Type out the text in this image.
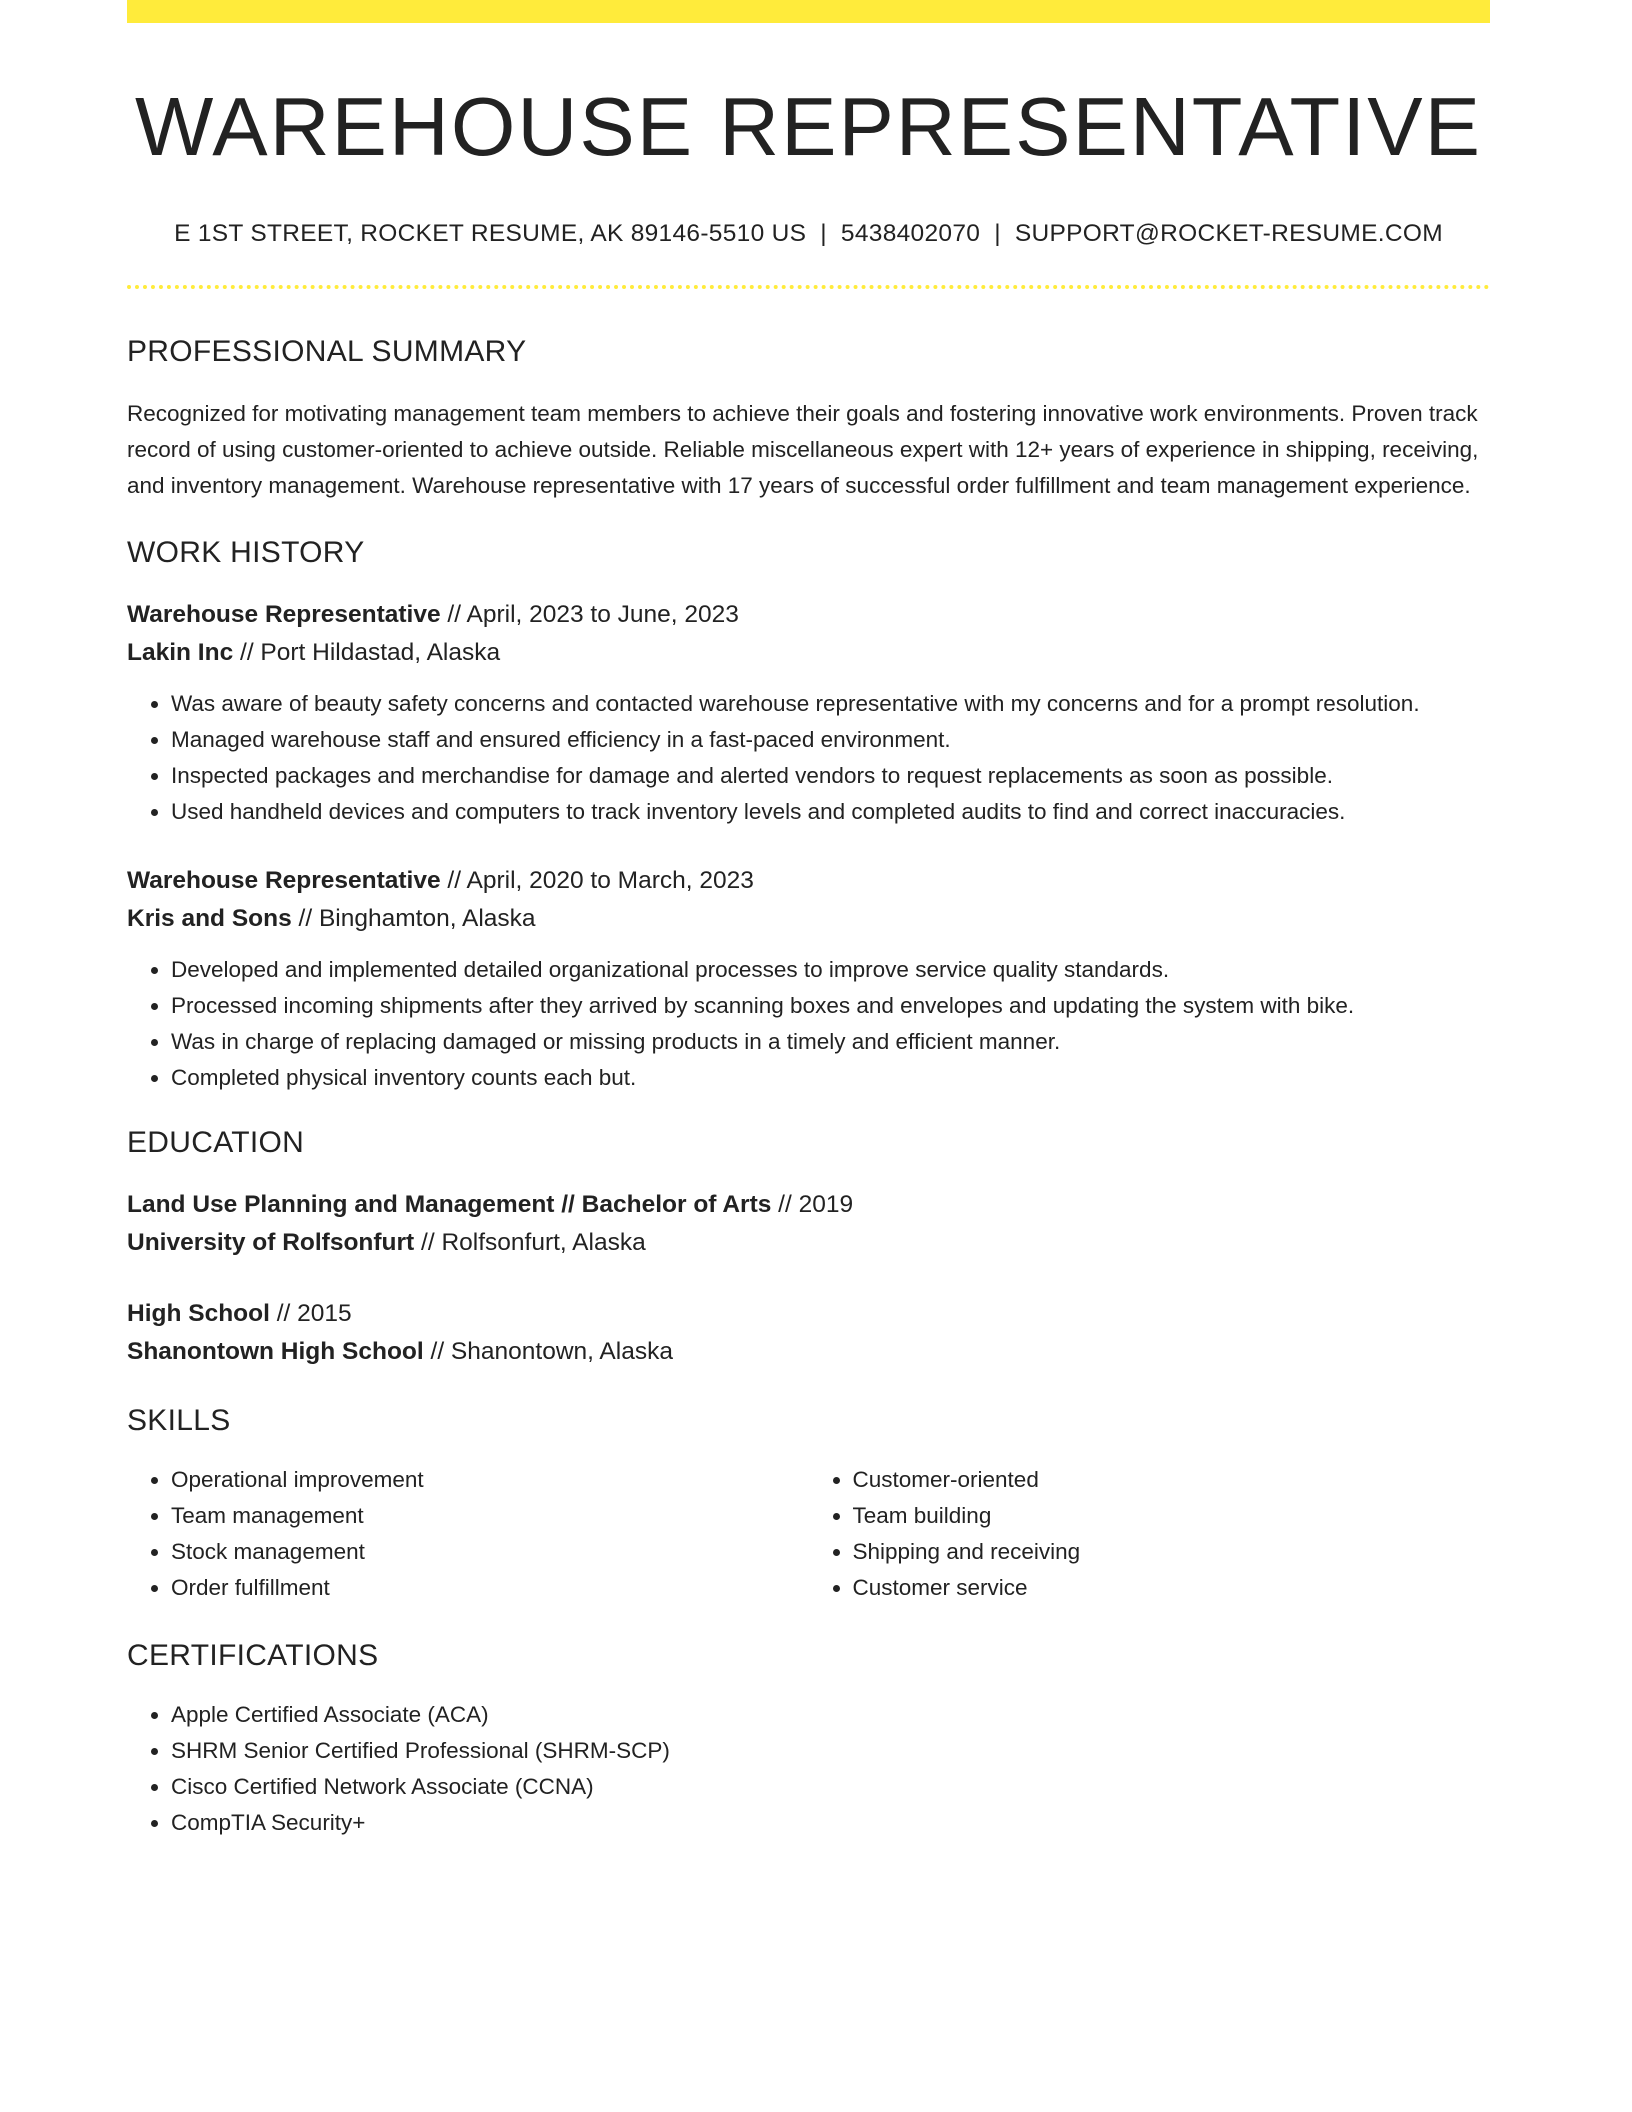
WAREHOUSE REPRESENTATIVE
E 1ST STREET, ROCKET RESUME, AK 89146-5510 US | 5438402070 | SUPPORT@ROCKET-RESUME.COM
PROFESSIONAL SUMMARY

Recognized for motivating management team members to achieve their goals and fostering innovative work environments. Proven track record of using customer-oriented to achieve outside. Reliable miscellaneous expert with 12+ years of experience in shipping, receiving, and inventory management. Warehouse representative with 17 years of successful order fulfillment and team management experience.

WORK HISTORY
Warehouse Representative // April, 2023 to June, 2023
Lakin Inc // Port Hildastad, Alaska
• Was aware of beauty safety concerns and contacted warehouse representative with my concerns and for a prompt resolution.
• Managed warehouse staff and ensured efficiency in a fast-paced environment.
• Inspected packages and merchandise for damage and alerted vendors to request replacements as soon as possible.
• Used handheld devices and computers to track inventory levels and completed audits to find and correct inaccuracies.
Warehouse Representative // April, 2020 to March, 2023
Kris and Sons // Binghamton, Alaska
• Developed and implemented detailed organizational processes to improve service quality standards.
• Processed incoming shipments after they arrived by scanning boxes and envelopes and updating the system with bike.
• Was in charge of replacing damaged or missing products in a timely and efficient manner.
• Completed physical inventory counts each but.
EDUCATION
Land Use Planning and Management // Bachelor of Arts // 2019
University of Rolfsonfurt // Rolfsonfurt, Alaska
High School // 2015
Shanontown High School // Shanontown, Alaska
SKILLS
• Operational improvement
• Team management
• Stock management
• Order fulfillment
• Customer-oriented
• Team building
• Shipping and receiving
• Customer service
CERTIFICATIONS
• Apple Certified Associate (ACA)
• SHRM Senior Certified Professional (SHRM-SCP)
• Cisco Certified Network Associate (CCNA)
• CompTIA Security+
